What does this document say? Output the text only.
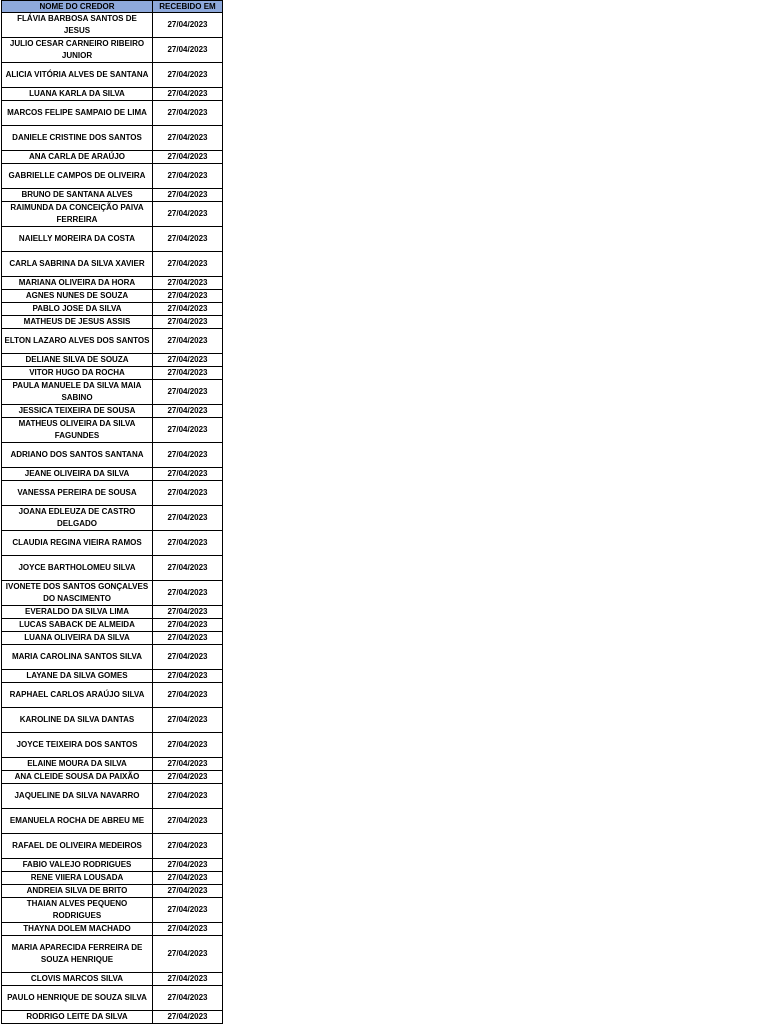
NOME DO CREDOR	RECEBIDO EM
FLÁVIA BARBOSA SANTOS DE JESUS	27/04/2023
JULIO CESAR CARNEIRO RIBEIRO JUNIOR	27/04/2023
ALICIA VITÓRIA ALVES DE SANTANA	27/04/2023
LUANA KARLA DA SILVA	27/04/2023
MARCOS FELIPE SAMPAIO DE LIMA	27/04/2023
DANIELE CRISTINE DOS SANTOS	27/04/2023
ANA CARLA DE ARAÚJO	27/04/2023
GABRIELLE CAMPOS DE OLIVEIRA	27/04/2023
BRUNO DE SANTANA ALVES	27/04/2023
RAIMUNDA DA CONCEIÇÃO PAIVA FERREIRA	27/04/2023
NAIELLY MOREIRA DA COSTA	27/04/2023
CARLA SABRINA DA SILVA XAVIER	27/04/2023
MARIANA OLIVEIRA DA HORA	27/04/2023
AGNES NUNES DE SOUZA	27/04/2023
PABLO JOSE DA SILVA	27/04/2023
MATHEUS DE JESUS ASSIS	27/04/2023
ELTON LAZARO ALVES DOS SANTOS	27/04/2023
DELIANE SILVA DE SOUZA	27/04/2023
VITOR HUGO DA ROCHA	27/04/2023
PAULA MANUELE DA SILVA MAIA SABINO	27/04/2023
JESSICA TEIXEIRA DE SOUSA	27/04/2023
MATHEUS OLIVEIRA DA SILVA FAGUNDES	27/04/2023
ADRIANO DOS SANTOS SANTANA	27/04/2023
JEANE OLIVEIRA DA SILVA	27/04/2023
VANESSA PEREIRA DE SOUSA	27/04/2023
JOANA EDLEUZA DE CASTRO DELGADO	27/04/2023
CLAUDIA REGINA VIEIRA RAMOS	27/04/2023
JOYCE BARTHOLOMEU SILVA	27/04/2023
IVONETE DOS SANTOS GONÇALVES DO NASCIMENTO	27/04/2023
EVERALDO DA SILVA LIMA	27/04/2023
LUCAS SABACK DE ALMEIDA	27/04/2023
LUANA OLIVEIRA DA SILVA	27/04/2023
MARIA CAROLINA SANTOS SILVA	27/04/2023
LAYANE DA SILVA GOMES	27/04/2023
RAPHAEL CARLOS ARAÚJO SILVA	27/04/2023
KAROLINE DA SILVA DANTAS	27/04/2023
JOYCE TEIXEIRA DOS SANTOS	27/04/2023
ELAINE MOURA DA SILVA	27/04/2023
ANA CLEIDE SOUSA DA PAIXÃO	27/04/2023
JAQUELINE DA SILVA NAVARRO	27/04/2023
EMANUELA ROCHA DE ABREU ME	27/04/2023
RAFAEL DE OLIVEIRA MEDEIROS	27/04/2023
FABIO VALEJO RODRIGUES	27/04/2023
RENE VIIERA LOUSADA	27/04/2023
ANDREIA SILVA DE BRITO	27/04/2023
THAIAN ALVES PEQUENO RODRIGUES	27/04/2023
THAYNA DOLEM MACHADO	27/04/2023
MARIA APARECIDA FERREIRA DE SOUZA HENRIQUE	27/04/2023
CLOVIS MARCOS SILVA	27/04/2023
PAULO HENRIQUE DE SOUZA SILVA	27/04/2023
RODRIGO LEITE DA SILVA	27/04/2023
